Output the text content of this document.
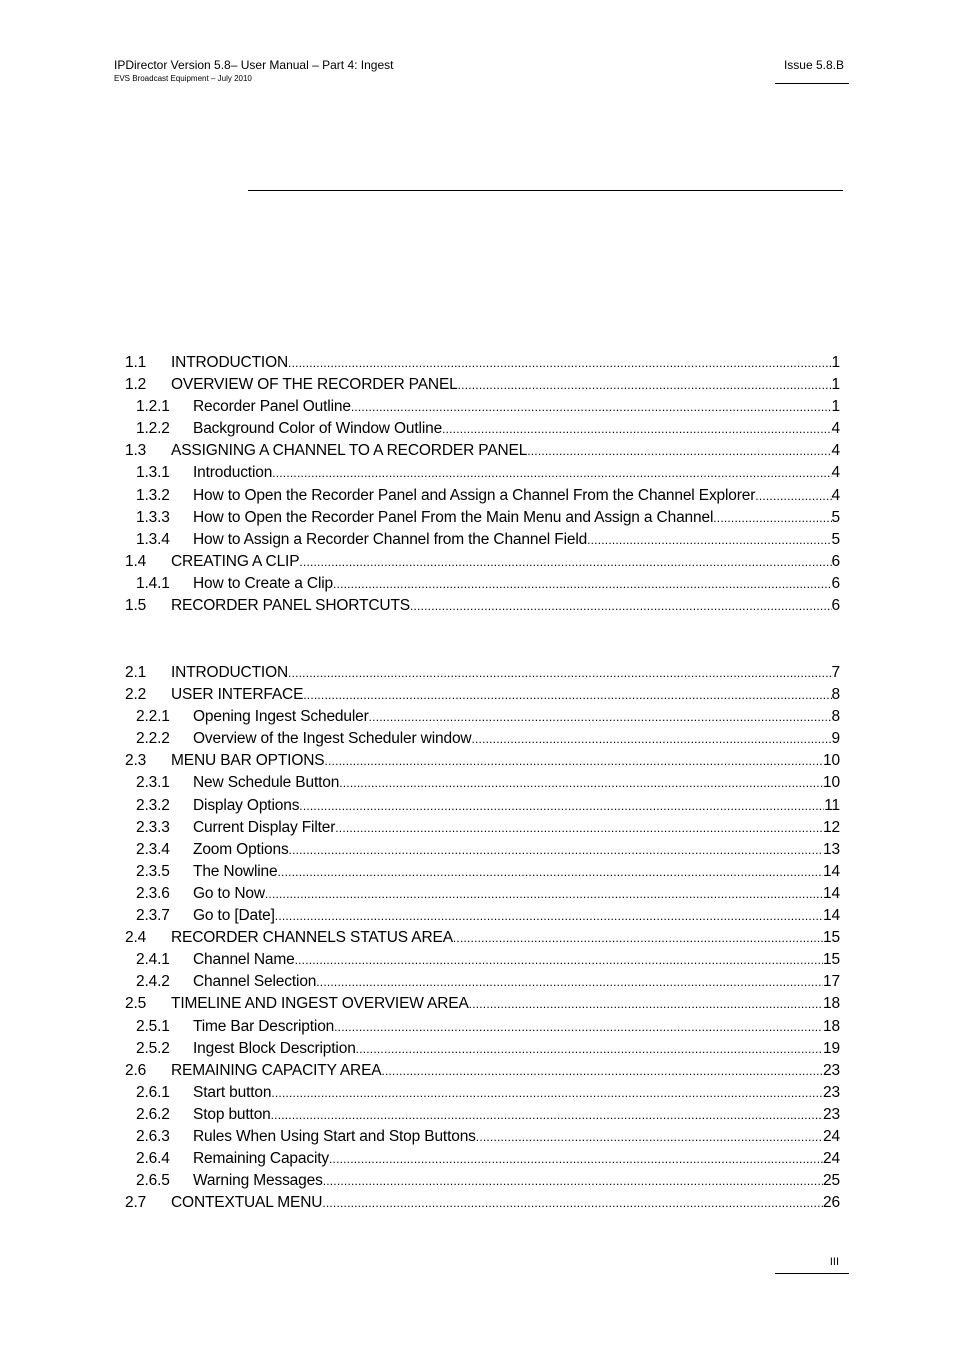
IPDirector Version 5.8– User Manual – Part 4: Ingest
EVS Broadcast Equipment – July 2010
Issue 5.8.B
1.1	INTRODUCTION .....	1
1.2	OVERVIEW OF THE RECORDER PANEL .....	1
1.2.1	Recorder Panel Outline .....	1
1.2.2	Background Color of Window Outline .....	4
1.3	ASSIGNING A CHANNEL TO A RECORDER PANEL .....	4
1.3.1	Introduction .....	4
1.3.2	How to Open the Recorder Panel and Assign a Channel From the Channel Explorer .....	4
1.3.3	How to Open the Recorder Panel From the Main Menu and Assign a Channel .....	5
1.3.4	How to Assign a Recorder Channel from the Channel Field .....	5
1.4	CREATING A CLIP .....	6
1.4.1	How to Create a Clip .....	6
1.5	RECORDER PANEL SHORTCUTS .....	6
2.1	INTRODUCTION .....	7
2.2	USER INTERFACE .....	8
2.2.1	Opening Ingest Scheduler .....	8
2.2.2	Overview of the Ingest Scheduler window .....	9
2.3	MENU BAR OPTIONS .....	10
2.3.1	New Schedule Button .....	10
2.3.2	Display Options .....	11
2.3.3	Current Display Filter .....	12
2.3.4	Zoom Options .....	13
2.3.5	The Nowline .....	14
2.3.6	Go to Now .....	14
2.3.7	Go to [Date] .....	14
2.4	RECORDER CHANNELS STATUS AREA .....	15
2.4.1	Channel Name .....	15
2.4.2	Channel Selection .....	17
2.5	TIMELINE AND INGEST OVERVIEW AREA .....	18
2.5.1	Time Bar Description .....	18
2.5.2	Ingest Block Description .....	19
2.6	REMAINING CAPACITY AREA .....	23
2.6.1	Start button .....	23
2.6.2	Stop button .....	23
2.6.3	Rules When Using Start and Stop Buttons .....	24
2.6.4	Remaining Capacity .....	24
2.6.5	Warning Messages .....	25
2.7	CONTEXTUAL MENU .....	26
III
